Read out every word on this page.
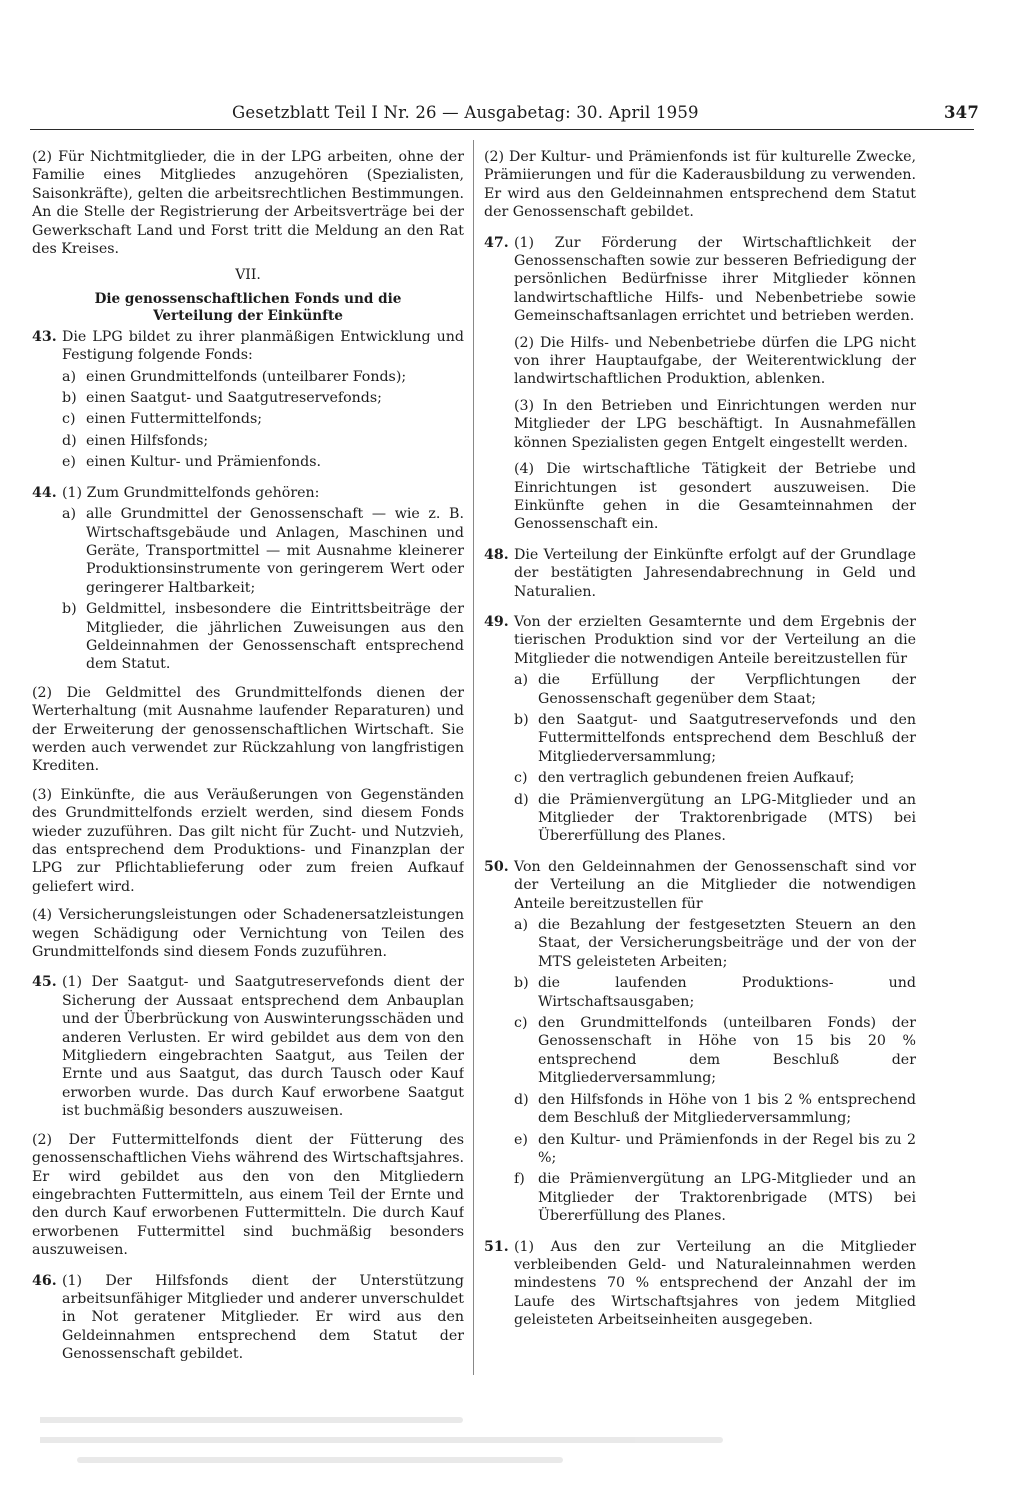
Gesetzblatt Teil I Nr. 26 — Ausgabetag: 30. April 1959	347

(2) Für Nichtmitglieder, die in der LPG arbeiten, ohne der Familie eines Mitgliedes anzugehören (Spezialisten, Saisonkräfte), gelten die arbeitsrechtlichen Bestimmungen. An die Stelle der Registrierung der Arbeitsverträge bei der Gewerkschaft Land und Forst tritt die Meldung an den Rat des Kreises.

VII.
Die genossenschaftlichen Fonds und die
Verteilung der Einkünfte
43. Die LPG bildet zu ihrer planmäßigen Entwicklung und Festigung folgende Fonds:
a) einen Grundmittelfonds (unteilbarer Fonds);
b) einen Saatgut- und Saatgutreservefonds;
c) einen Futtermittelfonds;
d) einen Hilfsfonds;
e) einen Kultur- und Prämienfonds.
44. (1) Zum Grundmittelfonds gehören:
a) alle Grundmittel der Genossenschaft — wie z. B. Wirtschaftsgebäude und Anlagen, Maschinen und Geräte, Transportmittel — mit Ausnahme kleinerer Produktionsinstrumente von geringerem Wert oder geringerer Haltbarkeit;
b) Geldmittel, insbesondere die Eintrittsbeiträge der Mitglieder, die jährlichen Zuweisungen aus den Geldeinnahmen der Genossenschaft entsprechend dem Statut.

(2) Die Geldmittel des Grundmittelfonds dienen der Werterhaltung (mit Ausnahme laufender Reparaturen) und der Erweiterung der genossenschaftlichen Wirtschaft. Sie werden auch verwendet zur Rückzahlung von langfristigen Krediten.

(3) Einkünfte, die aus Veräußerungen von Gegenständen des Grundmittelfonds erzielt werden, sind diesem Fonds wieder zuzuführen. Das gilt nicht für Zucht- und Nutzvieh, das entsprechend dem Produktions- und Finanzplan der LPG zur Pflichtablieferung oder zum freien Aufkauf geliefert wird.

(4) Versicherungsleistungen oder Schadenersatzleistungen wegen Schädigung oder Vernichtung von Teilen des Grundmittelfonds sind diesem Fonds zuzuführen.

45. (1) Der Saatgut- und Saatgutreservefonds dient der Sicherung der Aussaat entsprechend dem Anbauplan und der Überbrückung von Auswinterungsschäden und anderen Verlusten. Er wird gebildet aus dem von den Mitgliedern eingebrachten Saatgut, aus Teilen der Ernte und aus Saatgut, das durch Tausch oder Kauf erworben wurde. Das durch Kauf erworbene Saatgut ist buchmäßig besonders auszuweisen.

(2) Der Futtermittelfonds dient der Fütterung des genossenschaftlichen Viehs während des Wirtschaftsjahres. Er wird gebildet aus den von den Mitgliedern eingebrachten Futtermitteln, aus einem Teil der Ernte und den durch Kauf erworbenen Futtermitteln. Die durch Kauf erworbenen Futtermittel sind buchmäßig besonders auszuweisen.

46. (1) Der Hilfsfonds dient der Unterstützung arbeitsunfähiger Mitglieder und anderer unverschuldet in Not geratener Mitglieder. Er wird aus den Geldeinnahmen entsprechend dem Statut der Genossenschaft gebildet.

(2) Der Kultur- und Prämienfonds ist für kulturelle Zwecke, Prämiierungen und für die Kaderausbildung zu verwenden. Er wird aus den Geldeinnahmen entsprechend dem Statut der Genossenschaft gebildet.

47. (1) Zur Förderung der Wirtschaftlichkeit der Genossenschaften sowie zur besseren Befriedigung der persönlichen Bedürfnisse ihrer Mitglieder können landwirtschaftliche Hilfs- und Nebenbetriebe sowie Gemeinschaftsanlagen errichtet und betrieben werden.
(2) Die Hilfs- und Nebenbetriebe dürfen die LPG nicht von ihrer Hauptaufgabe, der Weiterentwicklung der landwirtschaftlichen Produktion, ablenken.
(3) In den Betrieben und Einrichtungen werden nur Mitglieder der LPG beschäftigt. In Ausnahmefällen können Spezialisten gegen Entgelt eingestellt werden.
(4) Die wirtschaftliche Tätigkeit der Betriebe und Einrichtungen ist gesondert auszuweisen. Die Einkünfte gehen in die Gesamteinnahmen der Genossenschaft ein.
48. Die Verteilung der Einkünfte erfolgt auf der Grundlage der bestätigten Jahresendabrechnung in Geld und Naturalien.
49. Von der erzielten Gesamternte und dem Ergebnis der tierischen Produktion sind vor der Verteilung an die Mitglieder die notwendigen Anteile bereitzustellen für
a) die Erfüllung der Verpflichtungen der Genossenschaft gegenüber dem Staat;
b) den Saatgut- und Saatgutreservefonds und den Futtermittelfonds entsprechend dem Beschluß der Mitgliederversammlung;
c) den vertraglich gebundenen freien Aufkauf;
d) die Prämienvergütung an LPG-Mitglieder und an Mitglieder der Traktorenbrigade (MTS) bei Übererfüllung des Planes.
50. Von den Geldeinnahmen der Genossenschaft sind vor der Verteilung an die Mitglieder die notwendigen Anteile bereitzustellen für
a) die Bezahlung der festgesetzten Steuern an den Staat, der Versicherungsbeiträge und der von der MTS geleisteten Arbeiten;
b) die laufenden Produktions- und Wirtschaftsausgaben;
c) den Grundmittelfonds (unteilbaren Fonds) der Genossenschaft in Höhe von 15 bis 20 % entsprechend dem Beschluß der Mitgliederversammlung;
d) den Hilfsfonds in Höhe von 1 bis 2 % entsprechend dem Beschluß der Mitgliederversammlung;
e) den Kultur- und Prämienfonds in der Regel bis zu 2 %;
f) die Prämienvergütung an LPG-Mitglieder und an Mitglieder der Traktorenbrigade (MTS) bei Übererfüllung des Planes.
51. (1) Aus den zur Verteilung an die Mitglieder verbleibenden Geld- und Naturaleinnahmen werden mindestens 70 % entsprechend der Anzahl der im Laufe des Wirtschaftsjahres von jedem Mitglied geleisteten Arbeitseinheiten ausgegeben.
